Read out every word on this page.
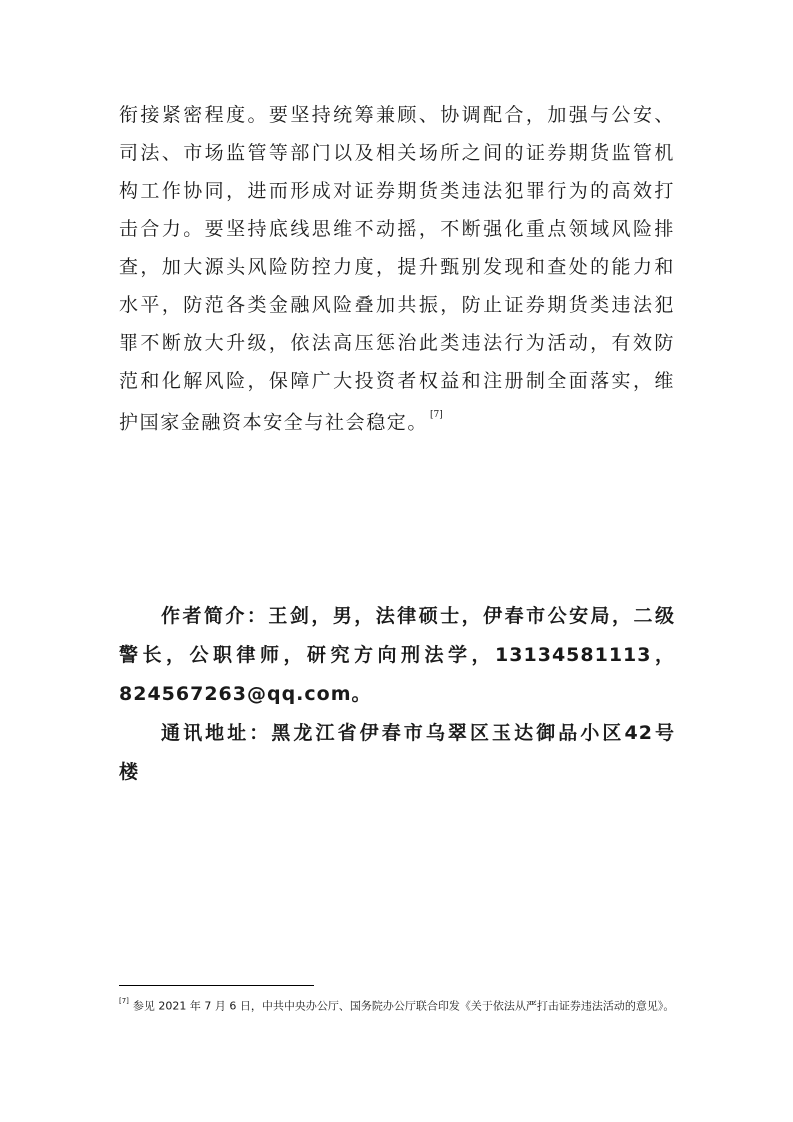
衔接紧密程度。要坚持统筹兼顾、协调配合，加强与公安、
司法、市场监管等部门以及相关场所之间的证券期货监管机
构工作协同，进而形成对证券期货类违法犯罪行为的高效打
击合力。要坚持底线思维不动摇，不断强化重点领域风险排
查，加大源头风险防控力度，提升甄别发现和查处的能力和
水平，防范各类金融风险叠加共振，防止证券期货类违法犯
罪不断放大升级，依法高压惩治此类违法行为活动，有效防
范和化解风险，保障广大投资者权益和注册制全面落实，维
护国家金融资本安全与社会稳定。 [7]
作者简介：王剑，男，法律硕士，伊春市公安局，二级
警长，公职律师，研究方向刑法学，13134581113，
824567263@qq.com。
通讯地址：黑龙江省伊春市乌翠区玉达御品小区42号
楼
[7] 参见 2021 年 7 月 6 日，中共中央办公厅、国务院办公厅联合印发《关于依法从严打击证券违法活动的意见》。
